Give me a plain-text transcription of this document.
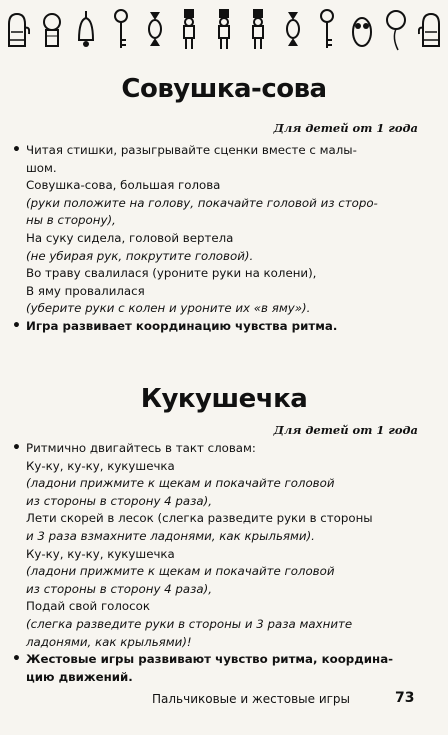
Совушка-сова
Для детей от 1 года
• Читая стишки, разыгрывайте сценки вместе с малы-
шом.
Совушка-сова, большая голова
(руки положите на голову, покачайте головой из сторо-
ны в сторону),
На суку сидела, головой вертела
(не убирая рук, покрутите головой).
Во траву свалилася (уроните руки на колени),
В яму провалилася
(уберите руки с колен и уроните их «в яму»).
• Игра развивает координацию чувства ритма.
Кукушечка
Для детей от 1 года
• Ритмично двигайтесь в такт словам:
Ку-ку, ку-ку, кукушечка
(ладони прижмите к щекам и покачайте головой
из стороны в сторону 4 раза),
Лети скорей в лесок (слегка разведите руки в стороны
и 3 раза взмахните ладонями, как крыльями).
Ку-ку, ку-ку, кукушечка
(ладони прижмите к щекам и покачайте головой
из стороны в сторону 4 раза),
Подай свой голосок
(слегка разведите руки в стороны и 3 раза махните
ладонями, как крыльями)!
• Жестовые игры развивают чувство ритма, координа-
цию движений.
Пальчиковые и жестовые игры	73
